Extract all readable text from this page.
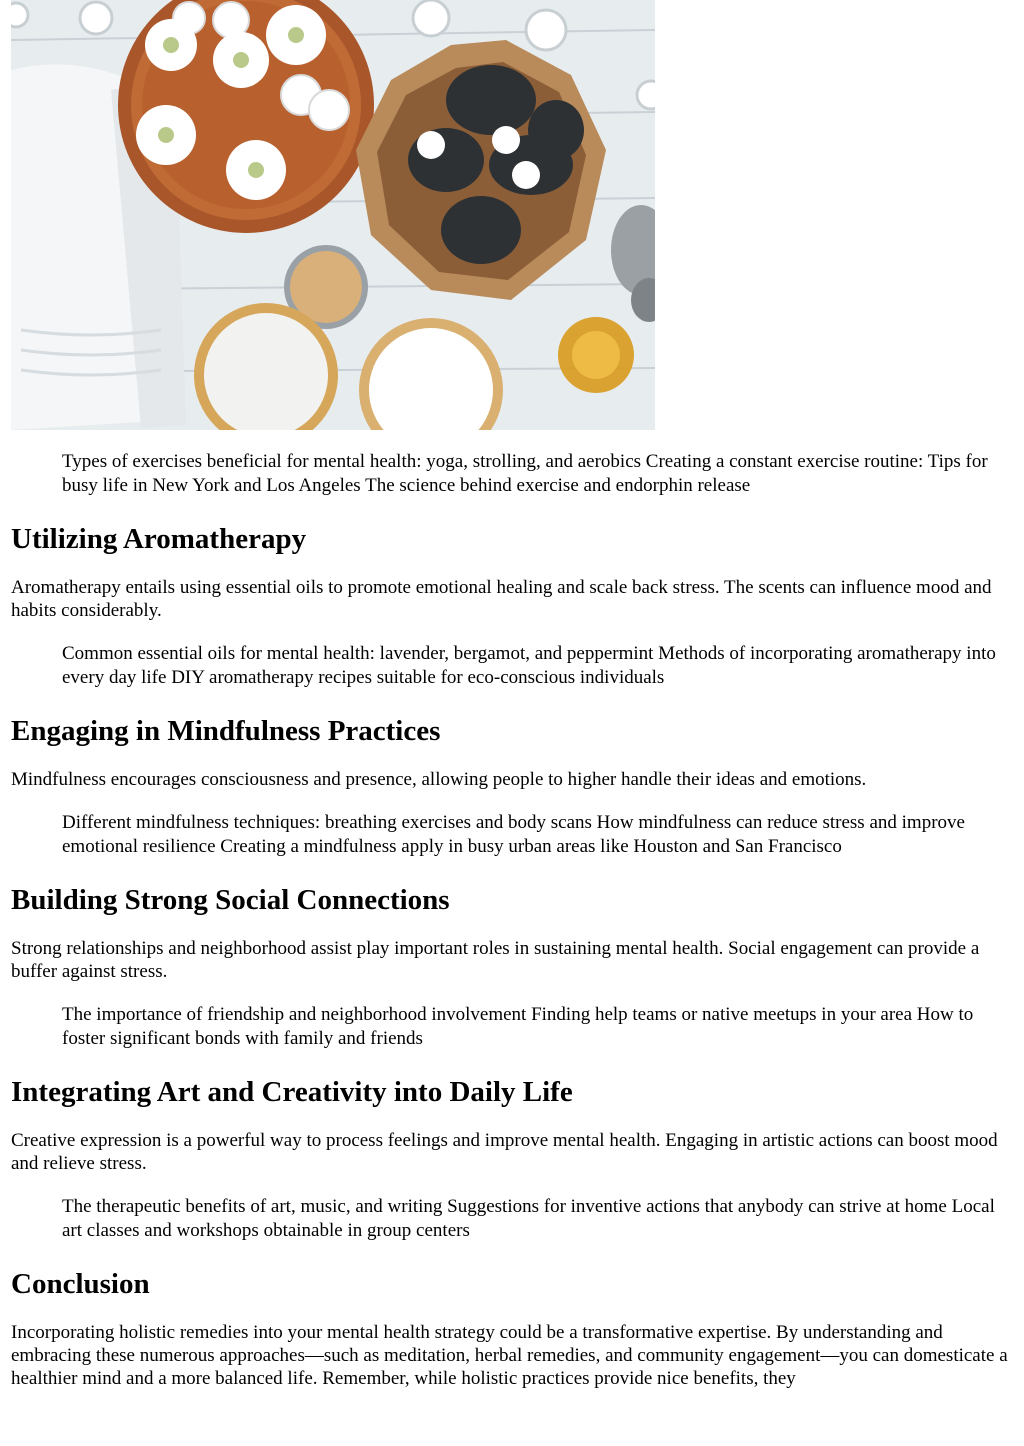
Types of exercises beneficial for mental health: yoga, strolling, and aerobics Creating a constant exercise routine: Tips for busy life in New York and Los Angeles The science behind exercise and endorphin release
Utilizing Aromatherapy

Aromatherapy entails using essential oils to promote emotional healing and scale back stress. The scents can influence mood and habits considerably.

Common essential oils for mental health: lavender, bergamot, and peppermint Methods of incorporating aromatherapy into every day life DIY aromatherapy recipes suitable for eco-conscious individuals
Engaging in Mindfulness Practices

Mindfulness encourages consciousness and presence, allowing people to higher handle their ideas and emotions.

Different mindfulness techniques: breathing exercises and body scans How mindfulness can reduce stress and improve emotional resilience Creating a mindfulness apply in busy urban areas like Houston and San Francisco
Building Strong Social Connections

Strong relationships and neighborhood assist play important roles in sustaining mental health. Social engagement can provide a buffer against stress.

The importance of friendship and neighborhood involvement Finding help teams or native meetups in your area How to foster significant bonds with family and friends
Integrating Art and Creativity into Daily Life

Creative expression is a powerful way to process feelings and improve mental health. Engaging in artistic actions can boost mood and relieve stress.

The therapeutic benefits of art, music, and writing Suggestions for inventive actions that anybody can strive at home Local art classes and workshops obtainable in group centers
Conclusion

Incorporating holistic remedies into your mental health strategy could be a transformative expertise. By understanding and embracing these numerous approaches—such as meditation, herbal remedies, and community engagement—you can domesticate a healthier mind and a more balanced life. Remember, while holistic practices provide nice benefits, they
